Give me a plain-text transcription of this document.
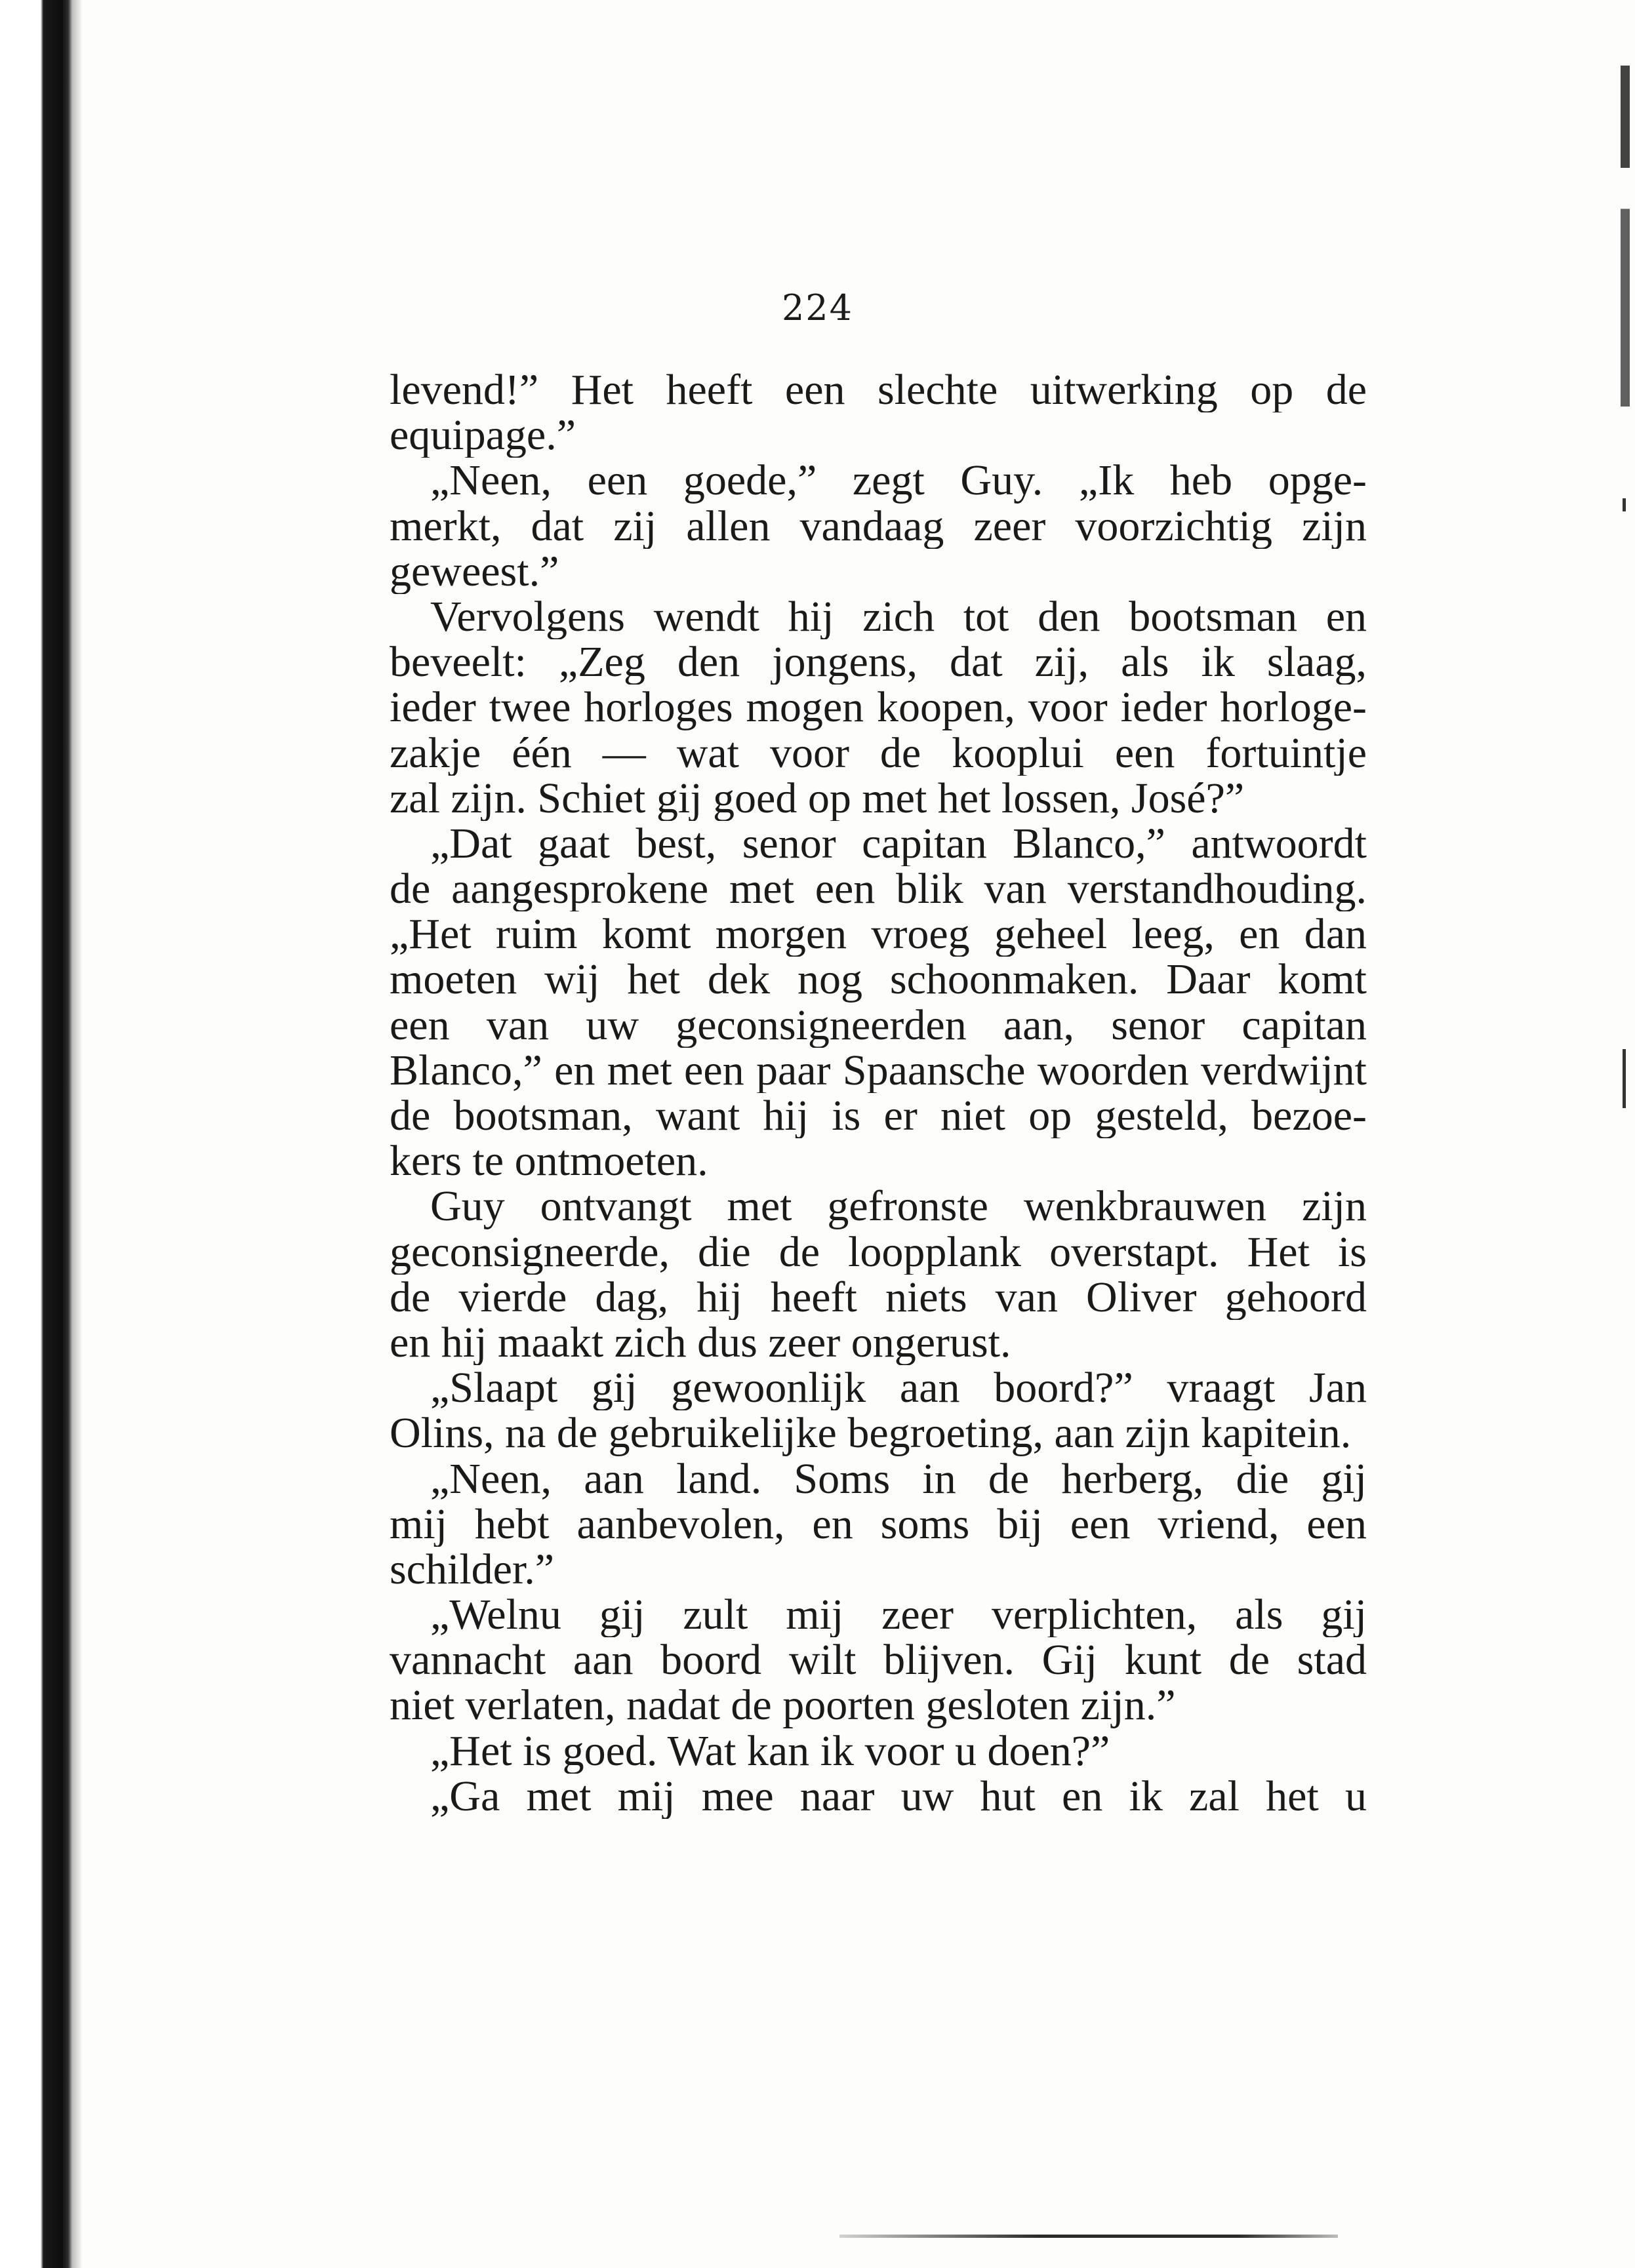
224
levend!” Het heeft een slechte uitwerking op de
equipage.”
„Neen, een goede,” zegt Guy. „Ik heb opge-
merkt, dat zij allen vandaag zeer voorzichtig zijn
geweest.”
Vervolgens wendt hij zich tot den bootsman en
beveelt: „Zeg den jongens, dat zij, als ik slaag,
ieder twee horloges mogen koopen, voor ieder horloge-
zakje één — wat voor de kooplui een fortuintje
zal zijn. Schiet gij goed op met het lossen, José?”
„Dat gaat best, senor capitan Blanco,” antwoordt
de aangesprokene met een blik van verstandhouding.
„Het ruim komt morgen vroeg geheel leeg, en dan
moeten wij het dek nog schoonmaken. Daar komt
een van uw geconsigneerden aan, senor capitan
Blanco,” en met een paar Spaansche woorden verdwijnt
de bootsman, want hij is er niet op gesteld, bezoe-
kers te ontmoeten.
Guy ontvangt met gefronste wenkbrauwen zijn
geconsigneerde, die de loopplank overstapt. Het is
de vierde dag, hij heeft niets van Oliver gehoord
en hij maakt zich dus zeer ongerust.
„Slaapt gij gewoonlijk aan boord?” vraagt Jan
Olins, na de gebruikelijke begroeting, aan zijn kapitein.
„Neen, aan land. Soms in de herberg, die gij
mij hebt aanbevolen, en soms bij een vriend, een
schilder.”
„Welnu gij zult mij zeer verplichten, als gij
vannacht aan boord wilt blijven. Gij kunt de stad
niet verlaten, nadat de poorten gesloten zijn.”
„Het is goed. Wat kan ik voor u doen?”
„Ga met mij mee naar uw hut en ik zal het u
